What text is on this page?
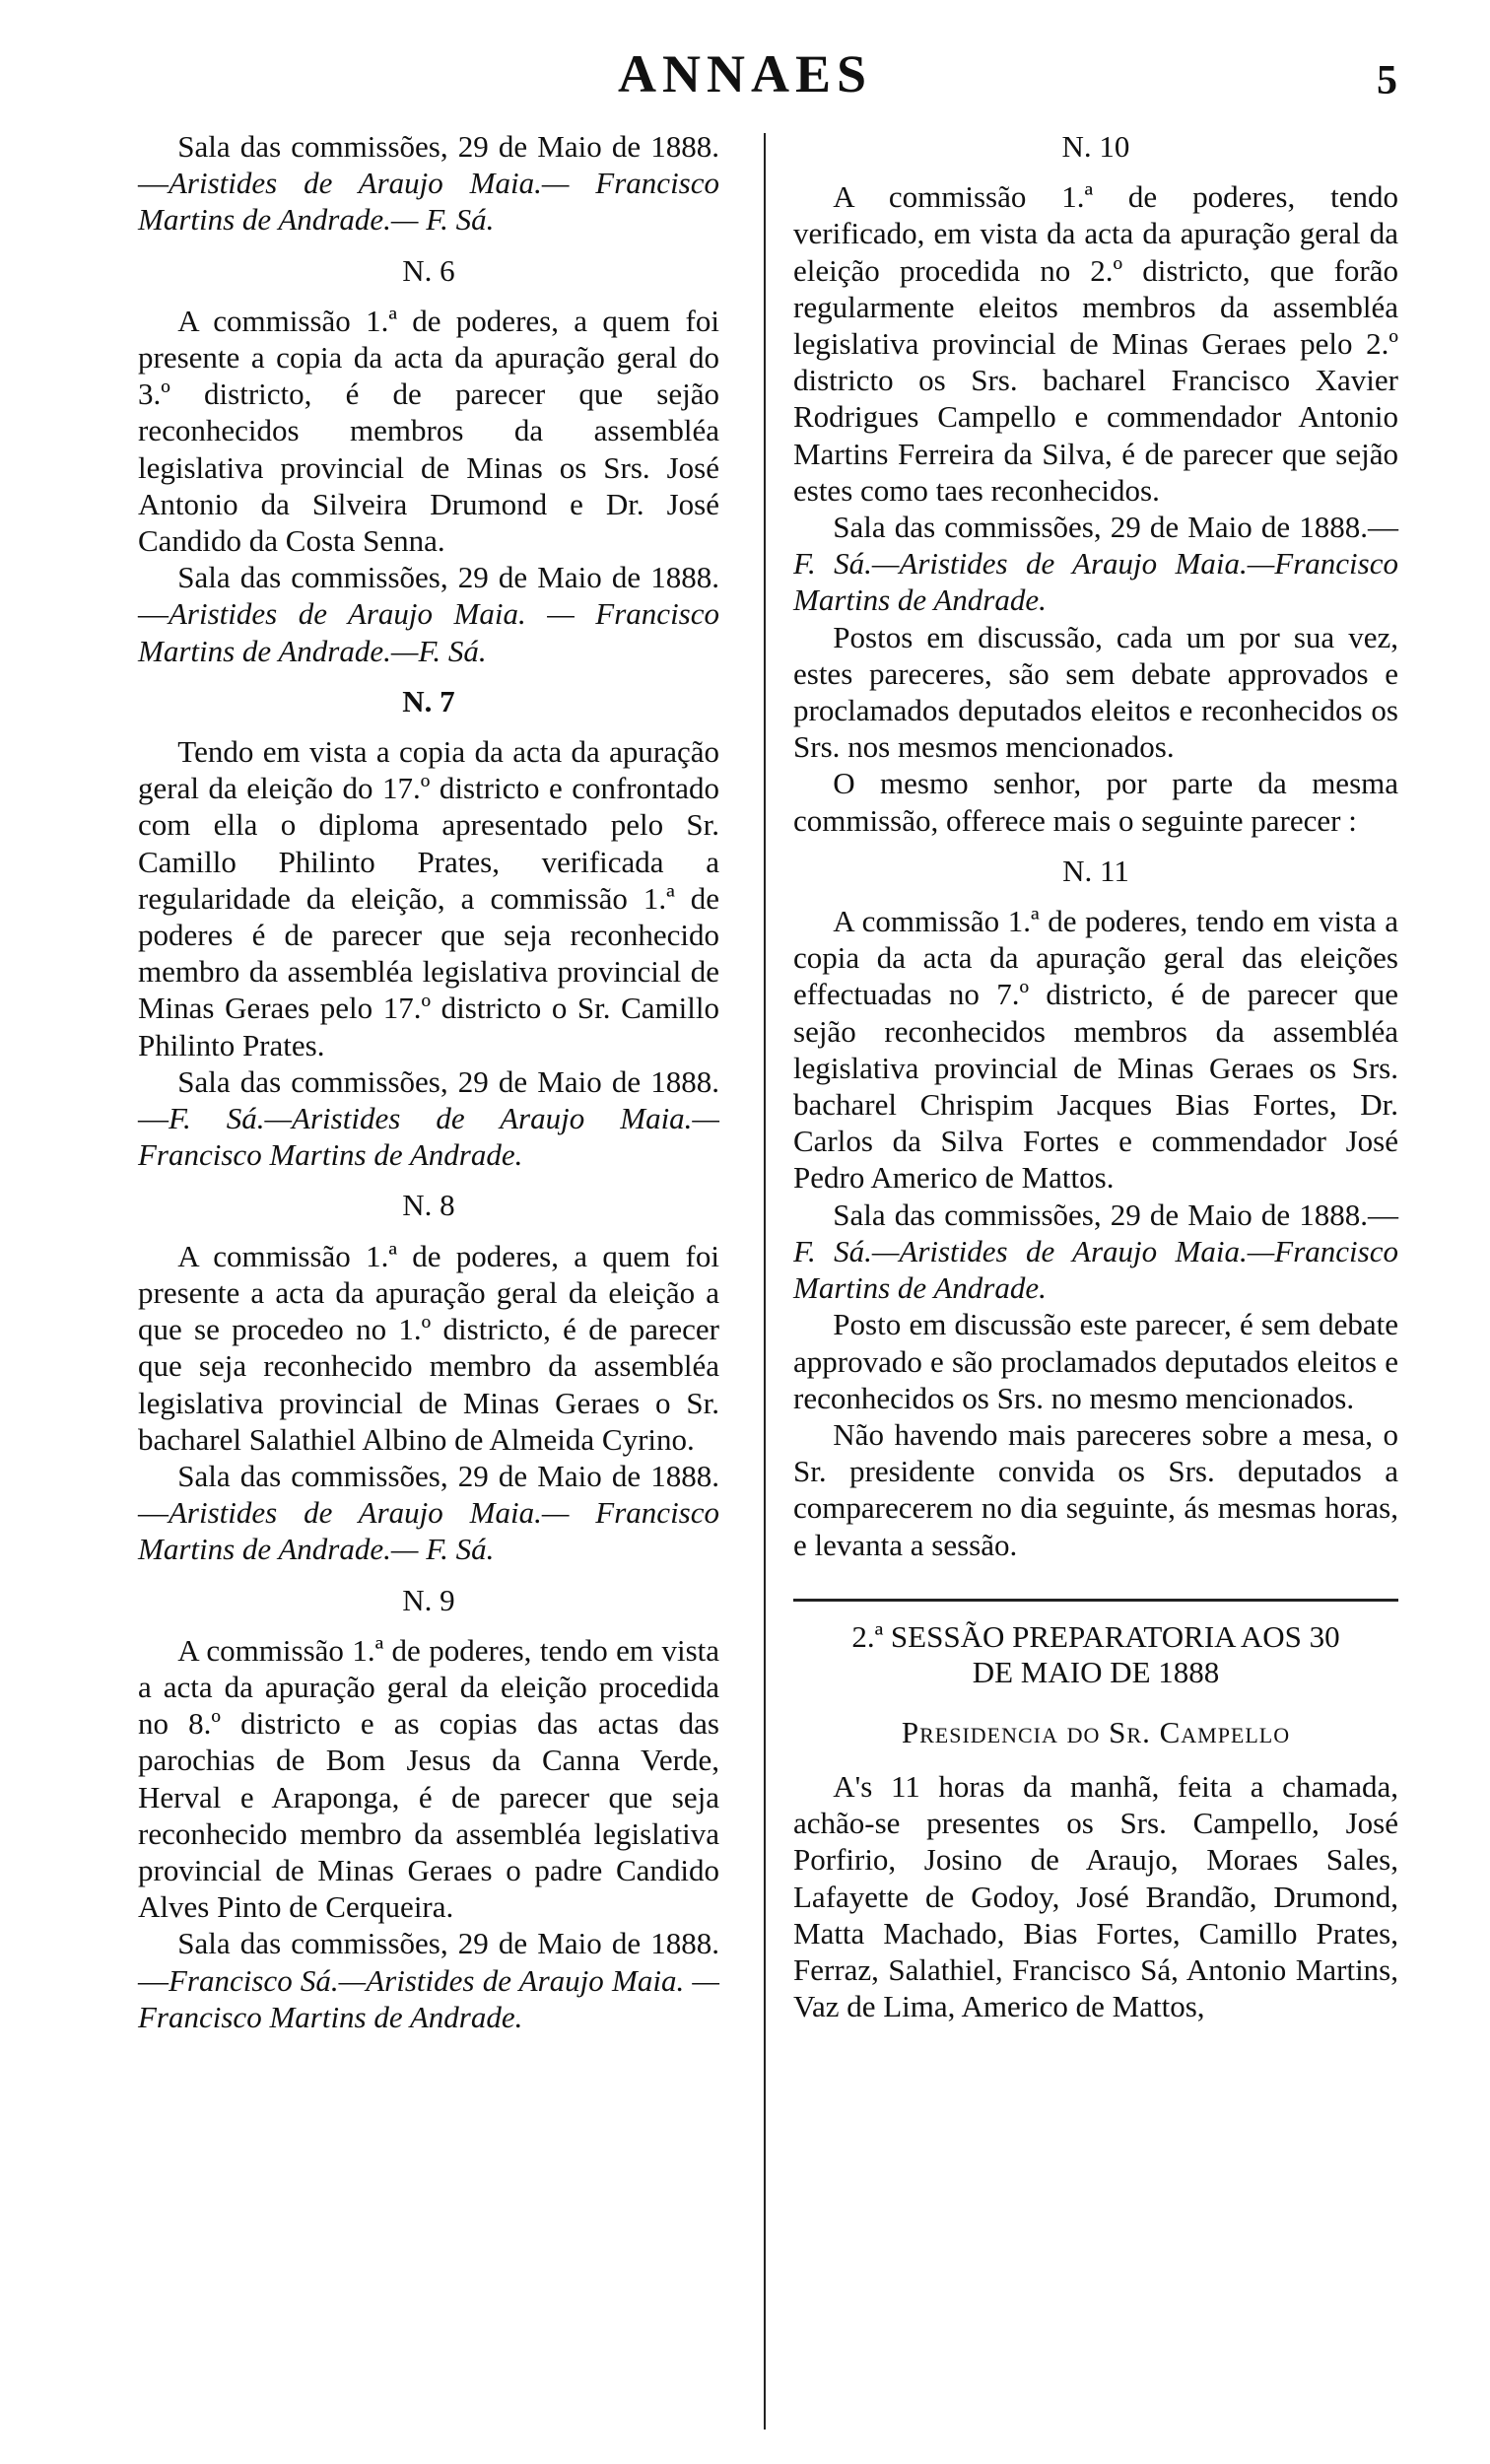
ANNAES	5

Sala das commissões, 29 de Maio de 1888.—Aristides de Araujo Maia.— Francisco Martins de Andrade.— F. Sá.

N. 6

A commissão 1.ª de poderes, a quem foi presente a copia da acta da apuração geral do 3.º districto, é de parecer que sejão reconhecidos membros da assembléa legislativa provincial de Minas os Srs. José Antonio da Silveira Drumond e Dr. José Candido da Costa Senna.

Sala das commissões, 29 de Maio de 1888. —Aristides de Araujo Maia. — Francisco Martins de Andrade.—F. Sá.

N. 7

Tendo em vista a copia da acta da apuração geral da eleição do 17.º districto e confrontado com ella o diploma apresentado pelo Sr. Camillo Philinto Prates, verificada a regularidade da eleição, a commissão 1.ª de poderes é de parecer que seja reconhecido membro da assembléa legislativa provincial de Minas Geraes pelo 17.º districto o Sr. Camillo Philinto Prates.

Sala das commissões, 29 de Maio de 1888.—F. Sá.—Aristides de Araujo Maia.—Francisco Martins de Andrade.

N. 8

A commissão 1.ª de poderes, a quem foi presente a acta da apuração geral da eleição a que se procedeo no 1.º districto, é de parecer que seja reconhecido membro da assembléa legislativa provincial de Minas Geraes o Sr. bacharel Salathiel Albino de Almeida Cyrino.

Sala das commissões, 29 de Maio de 1888.—Aristides de Araujo Maia.— Francisco Martins de Andrade.— F. Sá.

N. 9

A commissão 1.ª de poderes, tendo em vista a acta da apuração geral da eleição procedida no 8.º districto e as copias das actas das parochias de Bom Jesus da Canna Verde, Herval e Araponga, é de parecer que seja reconhecido membro da assembléa legislativa provincial de Minas Geraes o padre Candido Alves Pinto de Cerqueira.

Sala das commissões, 29 de Maio de 1888.—Francisco Sá.—Aristides de Araujo Maia. — Francisco Martins de Andrade.

N. 10

A commissão 1.ª de poderes, tendo verificado, em vista da acta da apuração geral da eleição procedida no 2.º districto, que forão regularmente eleitos membros da assembléa legislativa provincial de Minas Geraes pelo 2.º districto os Srs. bacharel Francisco Xavier Rodrigues Campello e commendador Antonio Martins Ferreira da Silva, é de parecer que sejão estes como taes reconhecidos.

Sala das commissões, 29 de Maio de 1888.—F. Sá.—Aristides de Araujo Maia.—Francisco Martins de Andrade.

Postos em discussão, cada um por sua vez, estes pareceres, são sem debate approvados e proclamados deputados eleitos e reconhecidos os Srs. nos mesmos mencionados.

O mesmo senhor, por parte da mesma commissão, offerece mais o seguinte parecer :

N. 11

A commissão 1.ª de poderes, tendo em vista a copia da acta da apuração geral das eleições effectuadas no 7.º districto, é de parecer que sejão reconhecidos membros da assembléa legislativa provincial de Minas Geraes os Srs. bacharel Chrispim Jacques Bias Fortes, Dr. Carlos da Silva Fortes e commendador José Pedro Americo de Mattos.

Sala das commissões, 29 de Maio de 1888.—F. Sá.—Aristides de Araujo Maia.—Francisco Martins de Andrade.

Posto em discussão este parecer, é sem debate approvado e são proclamados deputados eleitos e reconhecidos os Srs. no mesmo mencionados.

Não havendo mais pareceres sobre a mesa, o Sr. presidente convida os Srs. deputados a comparecerem no dia seguinte, ás mesmas horas, e levanta a sessão.

2.ª SESSÃO PREPARATORIA AOS 30
DE MAIO DE 1888
Presidencia do Sr. Campello

A's 11 horas da manhã, feita a chamada, achão-se presentes os Srs. Campello, José Porfirio, Josino de Araujo, Moraes Sales, Lafayette de Godoy, José Brandão, Drumond, Matta Machado, Bias Fortes, Camillo Prates, Ferraz, Salathiel, Francisco Sá, Antonio Martins, Vaz de Lima, Americo de Mattos,
